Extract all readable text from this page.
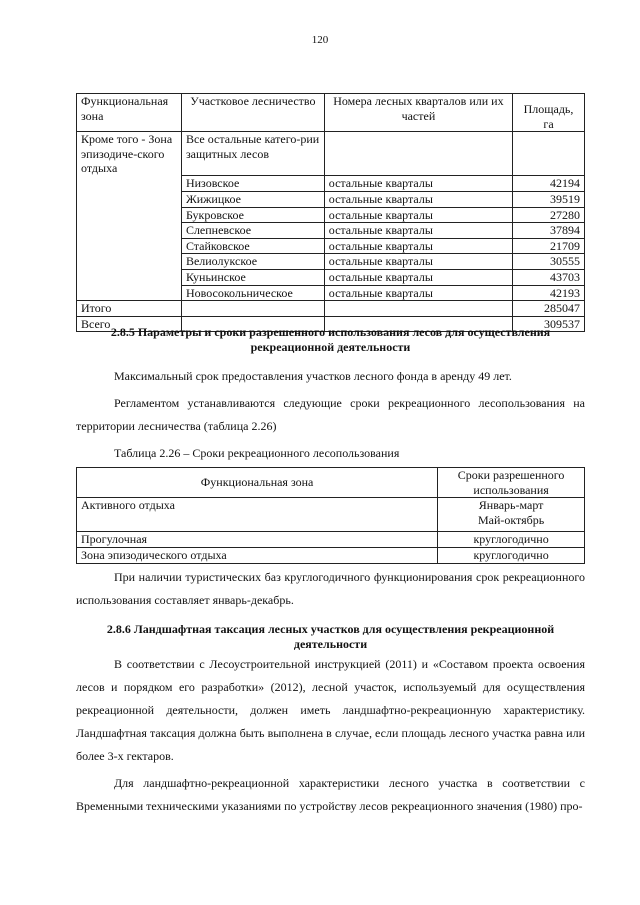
120
Функциональная зона	Участковое лесничество	Номера лесных кварталов или их частей	Площадь, га
Кроме того - Зона эпизодиче-ского отдыха	Все остальные катего-рии защитных лесов		
	Низовское	остальные кварталы	42194
	Жижицкое	остальные кварталы	39519
	Букровское	остальные кварталы	27280
	Слепневское	остальные кварталы	37894
	Стайковское	остальные кварталы	21709
	Велиолукское	остальные кварталы	30555
	Куньинское	остальные кварталы	43703
	Новосокольническое	остальные кварталы	42193
Итого			285047
Всего			309537
2.8.5 Параметры и сроки разрешенного использования лесов для осуществления
рекреационной деятельности
Максимальный срок предоставления участков лесного фонда в аренду 49 лет.
Регламентом устанавливаются следующие сроки рекреационного лесопользования на территории лесничества (таблица 2.26)
Таблица 2.26 – Сроки рекреационного лесопользования
Функциональная зона	Сроки разрешенного использования
Активного отдыха	Январь-март
Май-октябрь

Прогулочная	круглогодично
Зона эпизодического отдыха	круглогодично
При наличии туристических баз круглогодичного функционирования срок рекреационного использования составляет январь-декабрь.
2.8.6 Ландшафтная таксация лесных участков для осуществления рекреационной
деятельности
В соответствии с Лесоустроительной инструкцией (2011) и «Составом проекта освоения лесов и порядком его разработки» (2012), лесной участок, используемый для осуществления рекреационной деятельности, должен иметь ландшафтно-рекреационную характеристику. Ландшафтная таксация должна быть выполнена в случае, если площадь лесного участка равна или более 3-х гектаров.
Для ландшафтно-рекреационной характеристики лесного участка в соответствии с Временными техническими указаниями по устройству лесов рекреационного значения (1980) про-
